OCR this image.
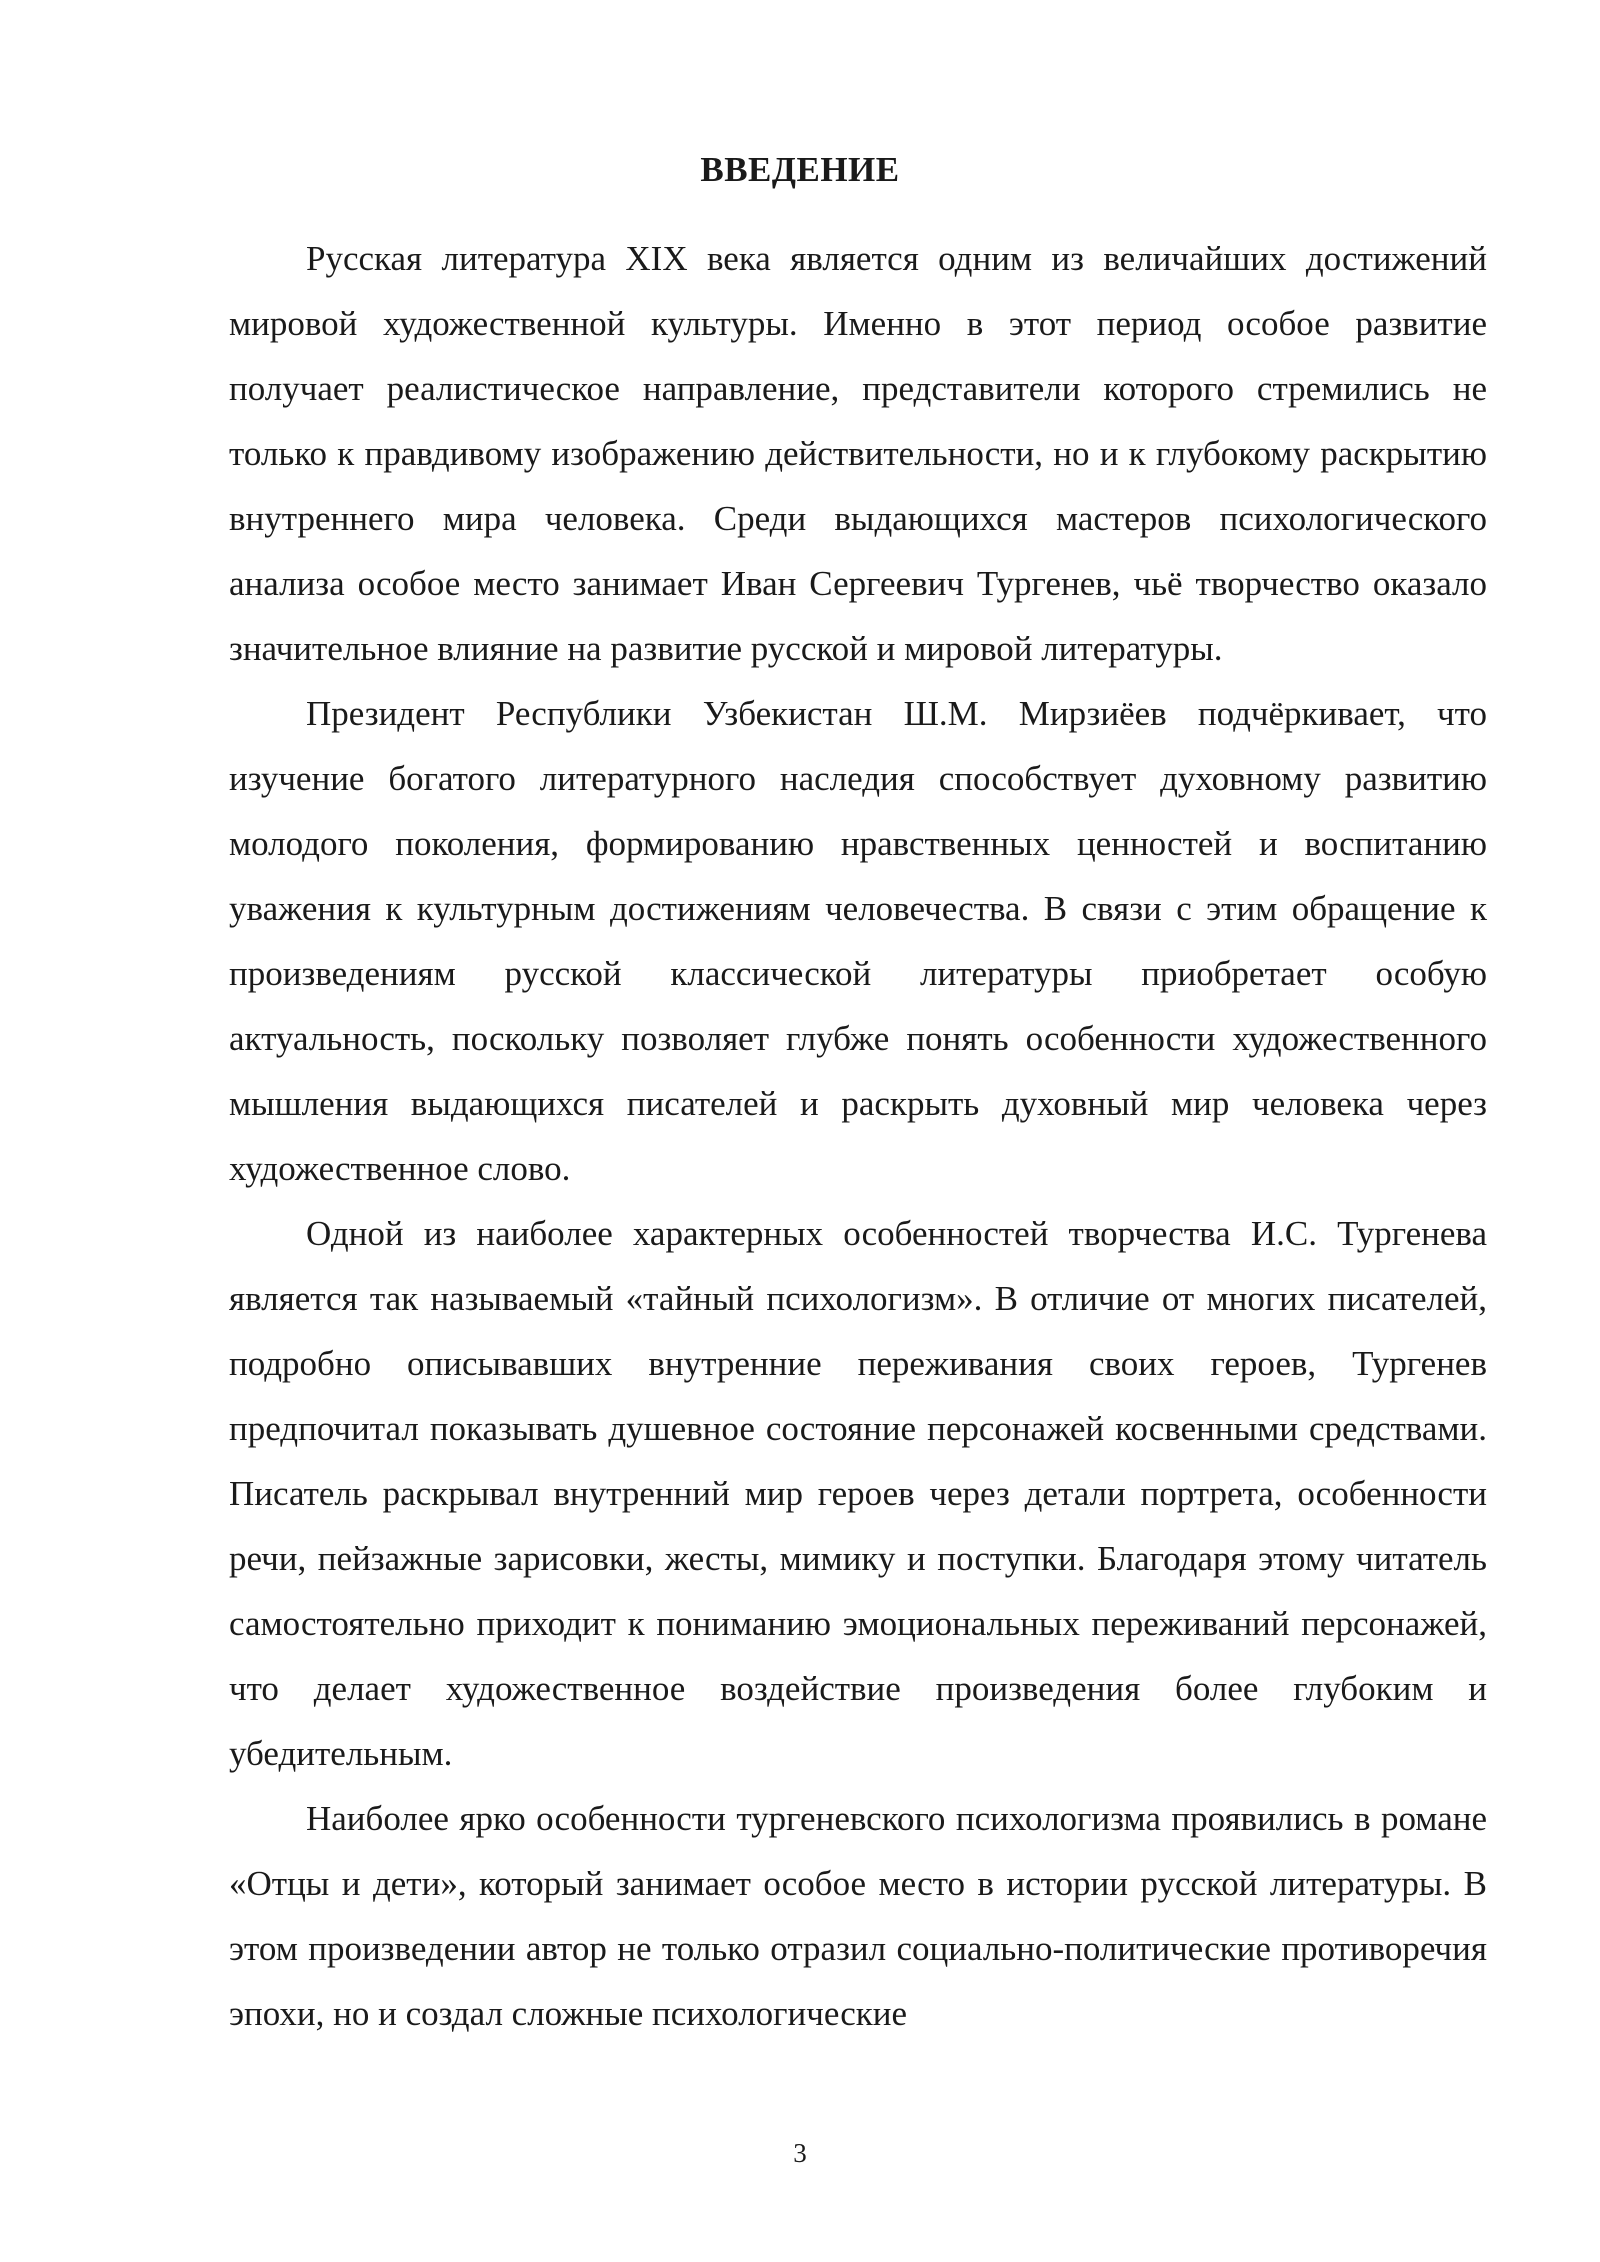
ВВЕДЕНИЕ

Русская литература XIX века является одним из величайших достижений мировой художественной культуры. Именно в этот период особое развитие получает реалистическое направление, представители которого стремились не только к правдивому изображению действительности, но и к глубокому раскрытию внутреннего мира человека. Среди выдающихся мастеров психологического анализа особое место занимает Иван Сергеевич Тургенев, чьё творчество оказало значительное влияние на развитие русской и мировой литературы.

Президент Республики Узбекистан Ш.М. Мирзиёев подчёркивает, что изучение богатого литературного наследия способствует духовному развитию молодого поколения, формированию нравственных ценностей и воспитанию уважения к культурным достижениям человечества. В связи с этим обращение к произведениям русской классической литературы приобретает особую актуальность, поскольку позволяет глубже понять особенности художественного мышления выдающихся писателей и раскрыть духовный мир человека через художественное слово.

Одной из наиболее характерных особенностей творчества И.С. Тургенева является так называемый «тайный психологизм». В отличие от многих писателей, подробно описывавших внутренние переживания своих героев, Тургенев предпочитал показывать душевное состояние персонажей косвенными средствами. Писатель раскрывал внутренний мир героев через детали портрета, особенности речи, пейзажные зарисовки, жесты, мимику и поступки. Благодаря этому читатель самостоятельно приходит к пониманию эмоциональных переживаний персонажей, что делает художественное воздействие произведения более глубоким и убедительным.

Наиболее ярко особенности тургеневского психологизма проявились в романе «Отцы и дети», который занимает особое место в истории русской литературы. В этом произведении автор не только отразил социально-политические противоречия эпохи, но и создал сложные психологические

3
